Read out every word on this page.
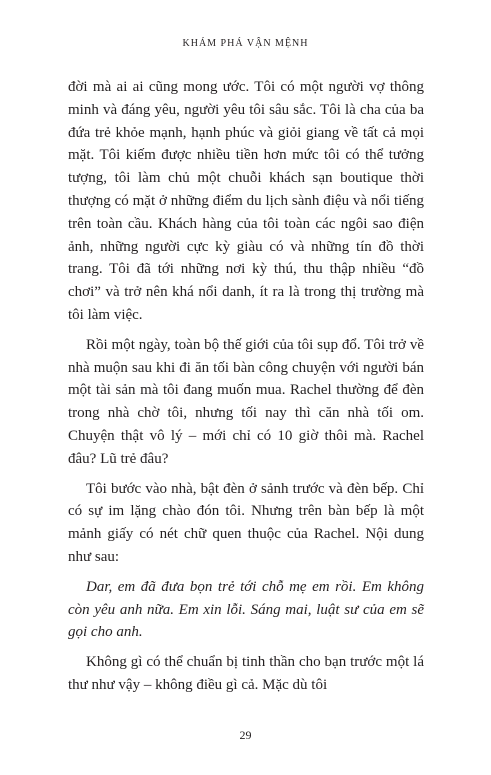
KHÁM PHÁ VẬN MỆNH

đời mà ai ai cũng mong ước. Tôi có một người vợ thông minh và đáng yêu, người yêu tôi sâu sắc. Tôi là cha của ba đứa trẻ khỏe mạnh, hạnh phúc và giỏi giang về tất cả mọi mặt. Tôi kiếm được nhiều tiền hơn mức tôi có thể tưởng tượng, tôi làm chủ một chuỗi khách sạn boutique thời thượng có mặt ở những điểm du lịch sành điệu và nổi tiếng trên toàn cầu. Khách hàng của tôi toàn các ngôi sao điện ảnh, những người cực kỳ giàu có và những tín đồ thời trang. Tôi đã tới những nơi kỳ thú, thu thập nhiều “đồ chơi” và trở nên khá nổi danh, ít ra là trong thị trường mà tôi làm việc.

Rồi một ngày, toàn bộ thế giới của tôi sụp đổ. Tôi trở về nhà muộn sau khi đi ăn tối bàn công chuyện với người bán một tài sản mà tôi đang muốn mua. Rachel thường để đèn trong nhà chờ tôi, nhưng tối nay thì căn nhà tối om. Chuyện thật vô lý – mới chỉ có 10 giờ thôi mà. Rachel đâu? Lũ trẻ đâu?

Tôi bước vào nhà, bật đèn ở sảnh trước và đèn bếp. Chỉ có sự im lặng chào đón tôi. Nhưng trên bàn bếp là một mảnh giấy có nét chữ quen thuộc của Rachel. Nội dung như sau:

Dar, em đã đưa bọn trẻ tới chỗ mẹ em rồi. Em không còn yêu anh nữa. Em xin lỗi. Sáng mai, luật sư của em sẽ gọi cho anh.

Không gì có thể chuẩn bị tinh thần cho bạn trước một lá thư như vậy – không điều gì cả. Mặc dù tôi

29
